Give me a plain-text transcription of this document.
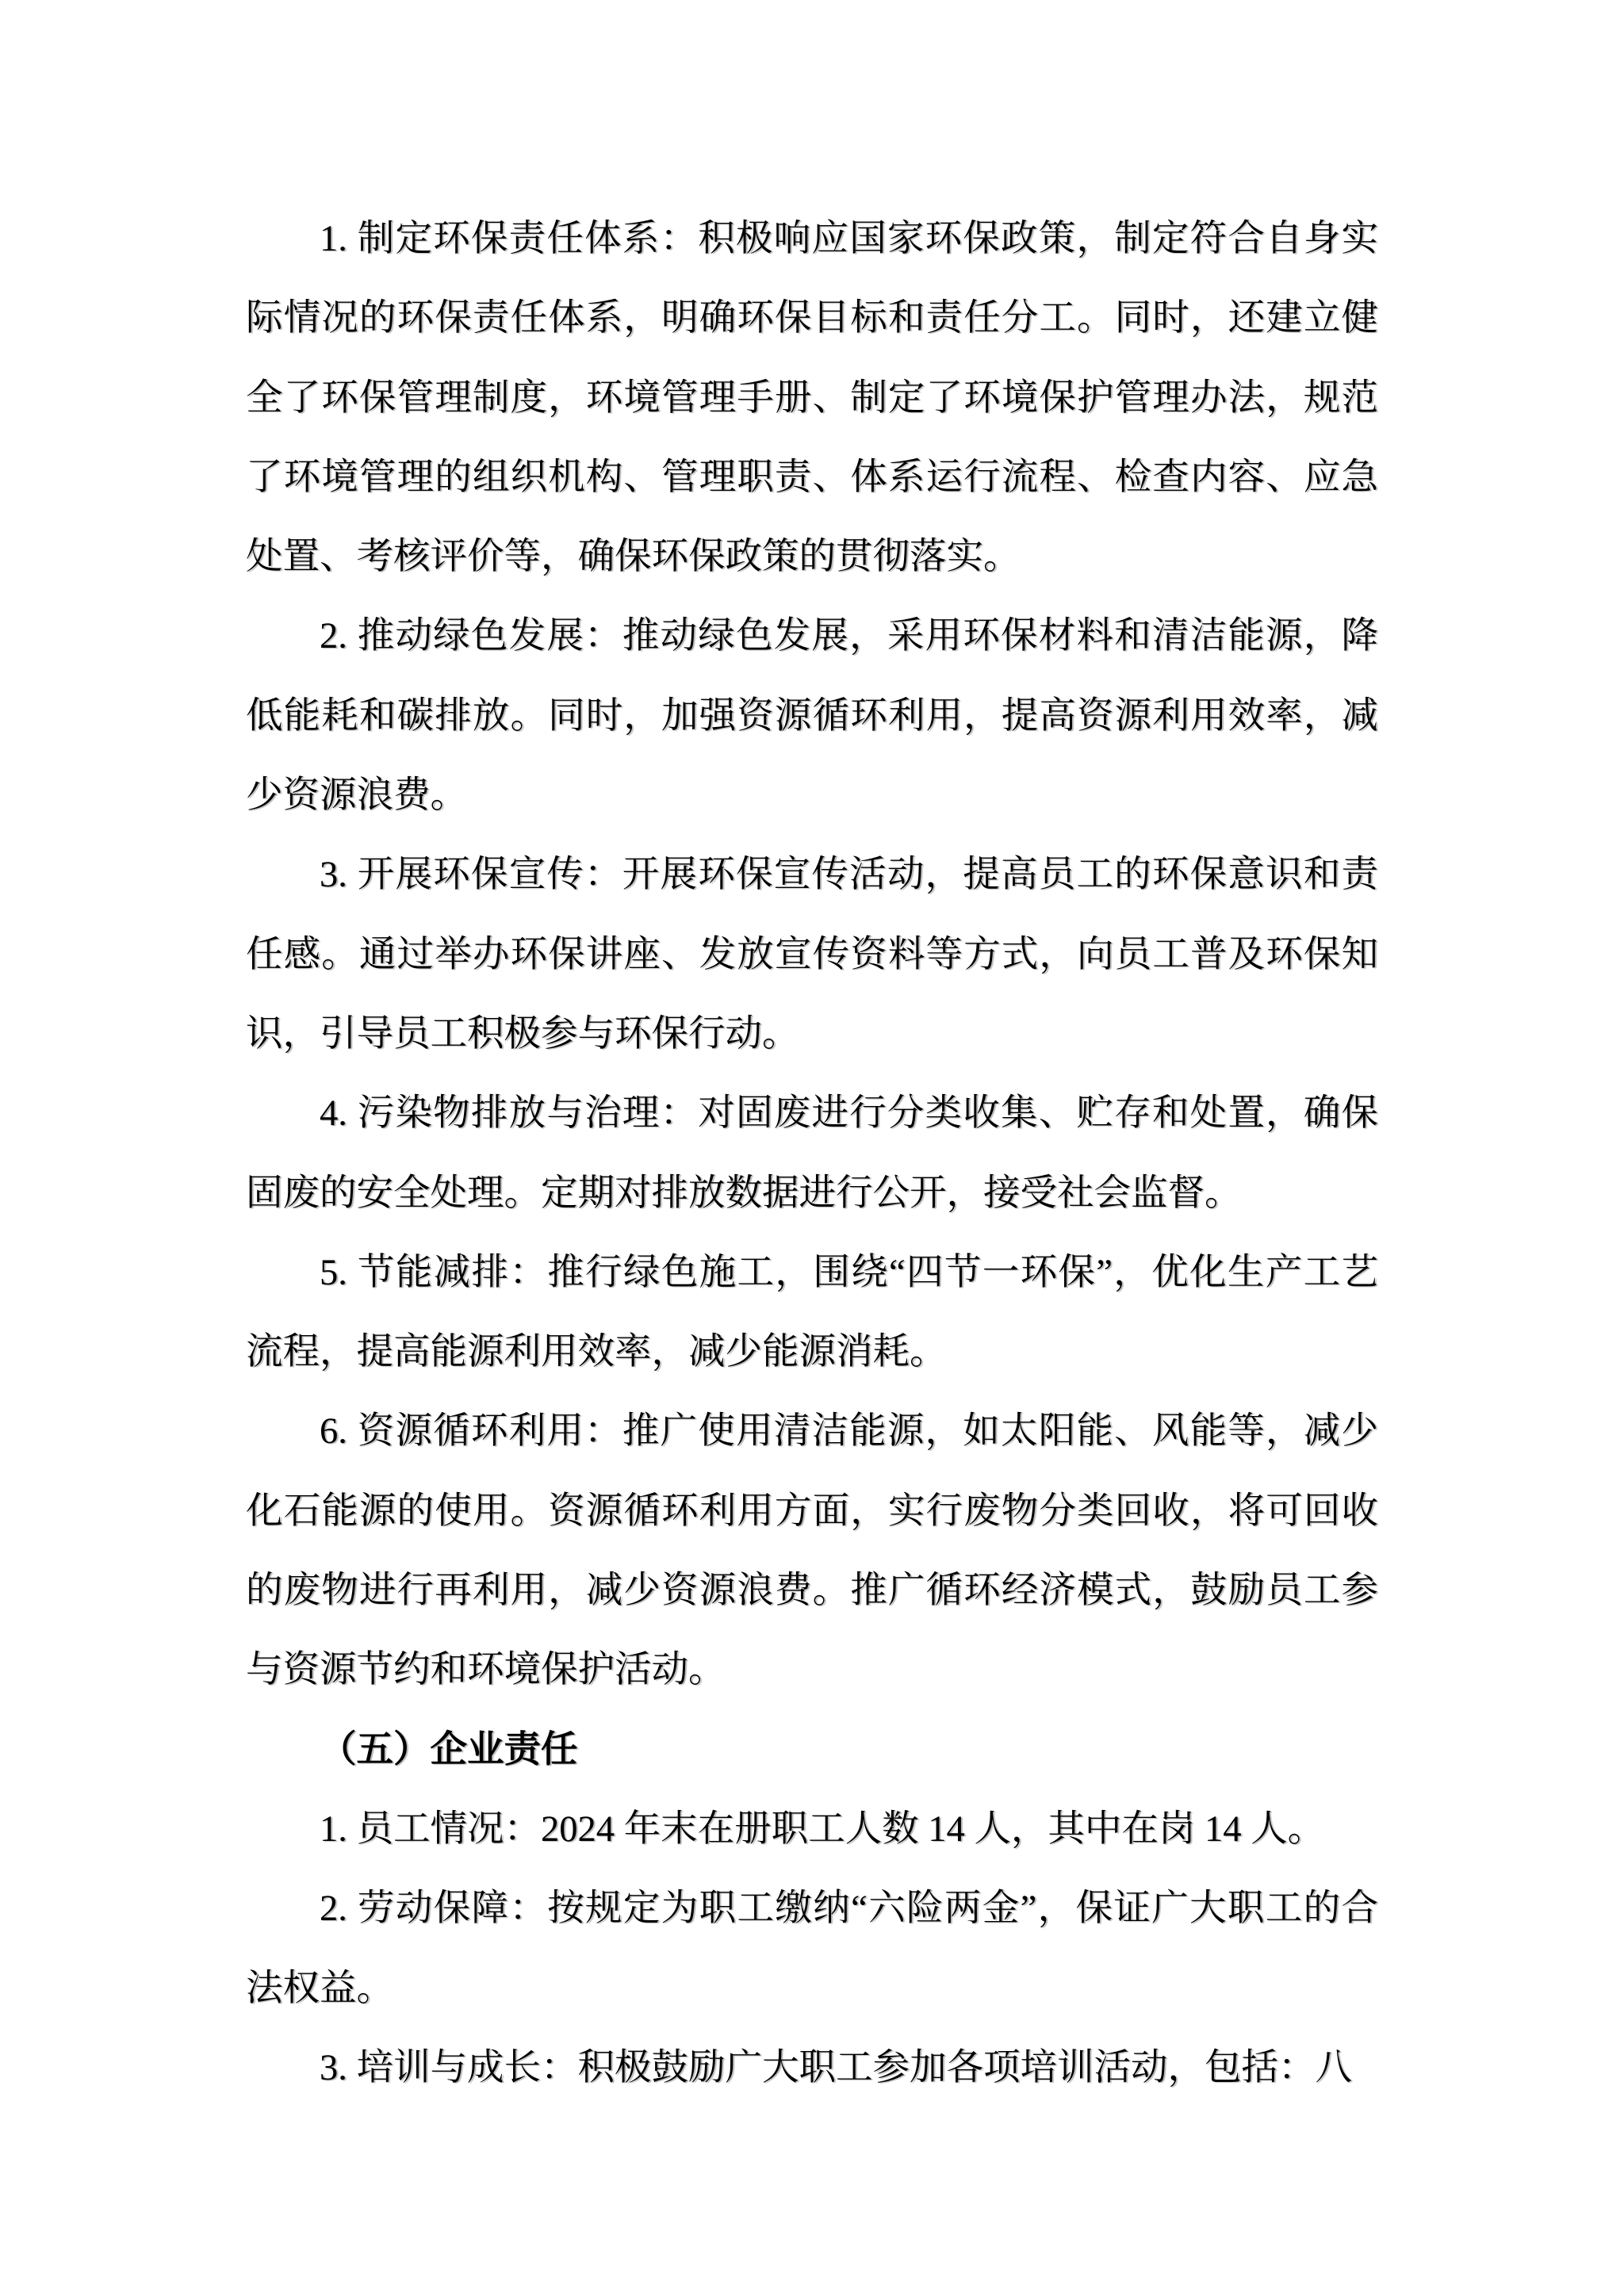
1. 制定环保责任体系：积极响应国家环保政策，制定符合自身实际情况的环保责任体系，明确环保目标和责任分工。同时，还建立健全了环保管理制度，环境管理手册、制定了环境保护管理办法，规范了环境管理的组织机构、管理职责、体系运行流程、检查内容、应急处置、考核评价等，确保环保政策的贯彻落实。

2. 推动绿色发展：推动绿色发展，采用环保材料和清洁能源，降低能耗和碳排放。同时，加强资源循环利用，提高资源利用效率，减少资源浪费。

3. 开展环保宣传：开展环保宣传活动，提高员工的环保意识和责任感。通过举办环保讲座、发放宣传资料等方式，向员工普及环保知识，引导员工积极参与环保行动。

4. 污染物排放与治理：对固废进行分类收集、贮存和处置，确保固废的安全处理。定期对排放数据进行公开，接受社会监督。

5. 节能减排：推行绿色施工，围绕“四节一环保”，优化生产工艺流程，提高能源利用效率，减少能源消耗。

6. 资源循环利用：推广使用清洁能源，如太阳能、风能等，减少化石能源的使用。资源循环利用方面，实行废物分类回收，将可回收的废物进行再利用，减少资源浪费。推广循环经济模式，鼓励员工参与资源节约和环境保护活动。

（五）企业责任

1. 员工情况：2024 年末在册职工人数 14 人，其中在岗 14 人。

2. 劳动保障：按规定为职工缴纳“六险两金”，保证广大职工的合法权益。

3. 培训与成长：积极鼓励广大职工参加各项培训活动，包括：八
